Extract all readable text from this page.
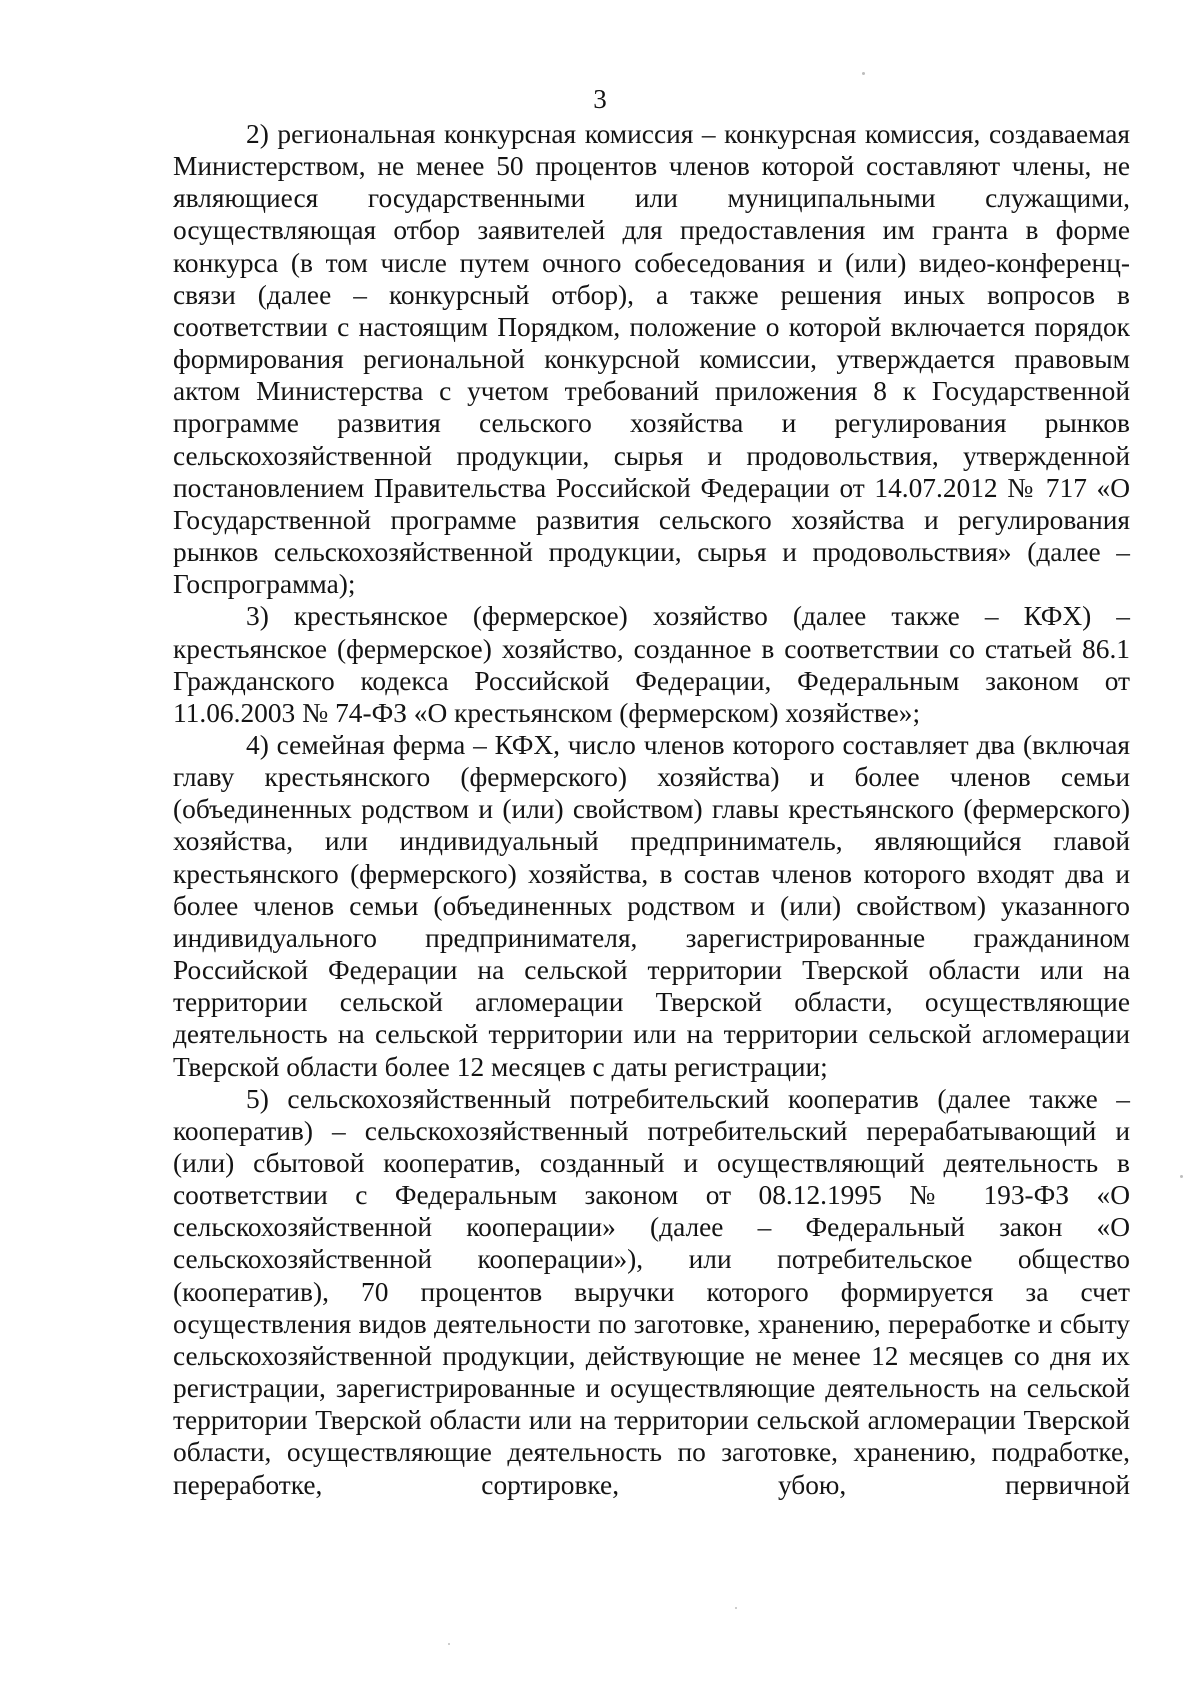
3

2) региональная конкурсная комиссия – конкурсная комиссия, создаваемая Министерством, не менее 50 процентов членов которой составляют члены, не являющиеся государственными или муниципальными служащими, осуществляющая отбор заявителей для предоставления им гранта в форме конкурса (в том числе путем очного собеседования и (или) видео-конференц-связи (далее – конкурсный отбор), а также решения иных вопросов в соответствии с настоящим Порядком, положение о которой включается порядок формирования региональной конкурсной комиссии, утверждается правовым актом Министерства с учетом требований приложения 8 к Государственной программе развития сельского хозяйства и регулирования рынков сельскохозяйственной продукции, сырья и продовольствия, утвержденной постановлением Правительства Российской Федерации от 14.07.2012 № 717 «О Государственной программе развития сельского хозяйства и регулирования рынков сельскохозяйственной продукции, сырья и продовольствия» (далее – Госпрограмма);

3) крестьянское (фермерское) хозяйство (далее также – КФХ) – крестьянское (фермерское) хозяйство, созданное в соответствии со статьей 86.1 Гражданского кодекса Российской Федерации, Федеральным законом от 11.06.2003 № 74-ФЗ «О крестьянском (фермерском) хозяйстве»;

4) семейная ферма – КФХ, число членов которого составляет два (включая главу крестьянского (фермерского) хозяйства) и более членов семьи (объединенных родством и (или) свойством) главы крестьянского (фермерского) хозяйства, или индивидуальный предприниматель, являющийся главой крестьянского (фермерского) хозяйства, в состав членов которого входят два и более членов семьи (объединенных родством и (или) свойством) указанного индивидуального предпринимателя, зарегистрированные гражданином Российской Федерации на сельской территории Тверской области или на территории сельской агломерации Тверской области, осуществляющие деятельность на сельской территории или на территории сельской агломерации Тверской области более 12 месяцев с даты регистрации;

5) сельскохозяйственный потребительский кооператив (далее также – кооператив) – сельскохозяйственный потребительский перерабатывающий и (или) сбытовой кооператив, созданный и осуществляющий деятельность в соответствии с Федеральным законом от 08.12.1995 № 193-ФЗ «О сельскохозяйственной кооперации» (далее – Федеральный закон «О сельскохозяйственной кооперации»), или потребительское общество (кооператив), 70 процентов выручки которого формируется за счет осуществления видов деятельности по заготовке, хранению, переработке и сбыту сельскохозяйственной продукции, действующие не менее 12 месяцев со дня их регистрации, зарегистрированные и осуществляющие деятельность на сельской территории Тверской области или на территории сельской агломерации Тверской области, осуществляющие деятельность по заготовке, хранению, подработке, переработке, сортировке, убою, первичной
